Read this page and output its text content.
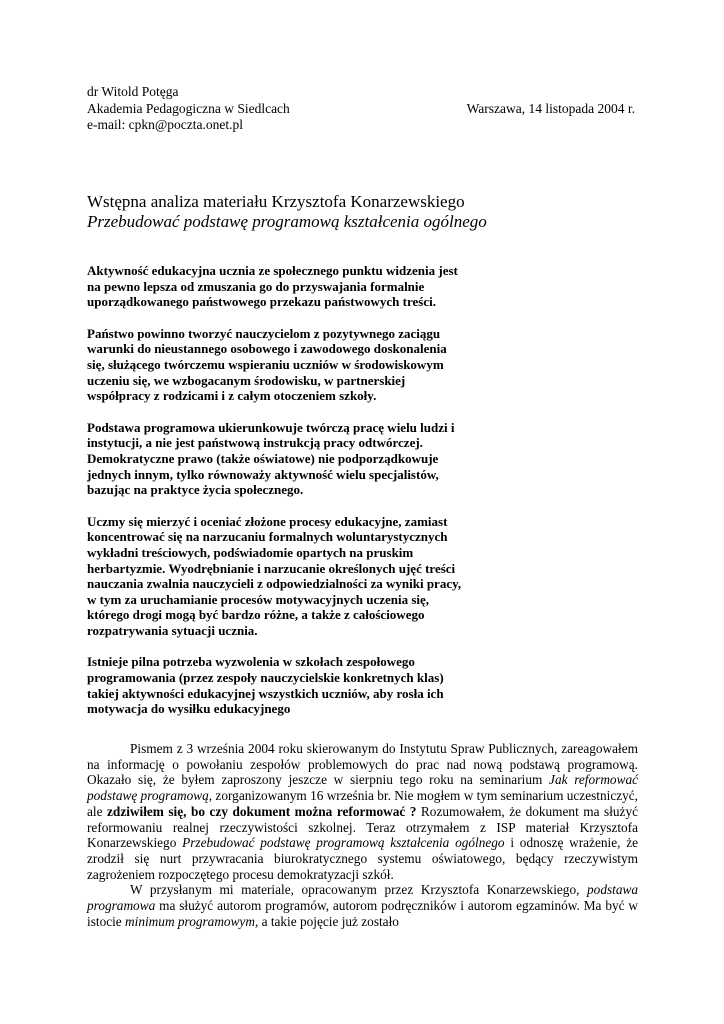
dr Witold Potęga
Akademia Pedagogiczna w Siedlcach	Warszawa, 14 listopada 2004 r.
e-mail: cpkn@poczta.onet.pl
Wstępna analiza materiału Krzysztofa Konarzewskiego
Przebudować podstawę programową kształcenia ogólnego

Aktywność edukacyjna ucznia ze społecznego punktu widzenia jest na pewno lepsza od zmuszania go do przyswajania formalnie uporządkowanego państwowego przekazu państwowych treści.

Państwo powinno tworzyć nauczycielom z pozytywnego zaciągu warunki do nieustannego osobowego i zawodowego doskonalenia się, służącego twórczemu wspieraniu uczniów w środowiskowym uczeniu się, we wzbogacanym środowisku, w partnerskiej współpracy z rodzicami i z całym otoczeniem szkoły.

Podstawa programowa ukierunkowuje twórczą pracę wielu ludzi i instytucji, a nie jest państwową instrukcją pracy odtwórczej. Demokratyczne prawo (także oświatowe) nie podporządkowuje jednych innym, tylko równoważy aktywność wielu specjalistów, bazując na praktyce życia społecznego.

Uczmy się mierzyć i oceniać złożone procesy edukacyjne, zamiast koncentrować się na narzucaniu formalnych woluntarystycznych wykładni treściowych, podświadomie opartych na pruskim herbartyzmie. Wyodrębnianie i narzucanie określonych ujęć treści nauczania zwalnia nauczycieli z odpowiedzialności za wyniki pracy, w tym za uruchamianie procesów motywacyjnych uczenia się, którego drogi mogą być bardzo różne, a także z całościowego rozpatrywania sytuacji ucznia.

Istnieje pilna potrzeba wyzwolenia w szkołach zespołowego programowania (przez zespoły nauczycielskie konkretnych klas) takiej aktywności edukacyjnej wszystkich uczniów, aby rosła ich motywacja do wysiłku edukacyjnego

Pismem z 3 września 2004 roku skierowanym do Instytutu Spraw Publicznych, zareagowałem na informację o powołaniu zespołów problemowych do prac nad nową podstawą programową. Okazało się, że byłem zaproszony jeszcze w sierpniu tego roku na seminarium Jak reformować podstawę programową, zorganizowanym 16 września br. Nie mogłem w tym seminarium uczestniczyć, ale zdziwiłem się, bo czy dokument można reformować ? Rozumowałem, że dokument ma służyć reformowaniu realnej rzeczywistości szkolnej. Teraz otrzymałem z ISP materiał Krzysztofa Konarzewskiego Przebudować podstawę programową kształcenia ogólnego i odnoszę wrażenie, że zrodził się nurt przywracania biurokratycznego systemu oświatowego, będący rzeczywistym zagrożeniem rozpoczętego procesu demokratyzacji szkół.

W przysłanym mi materiale, opracowanym przez Krzysztofa Konarzewskiego, podstawa programowa ma służyć autorom programów, autorom podręczników i autorom egzaminów. Ma być w istocie minimum programowym, a takie pojęcie już zostało
